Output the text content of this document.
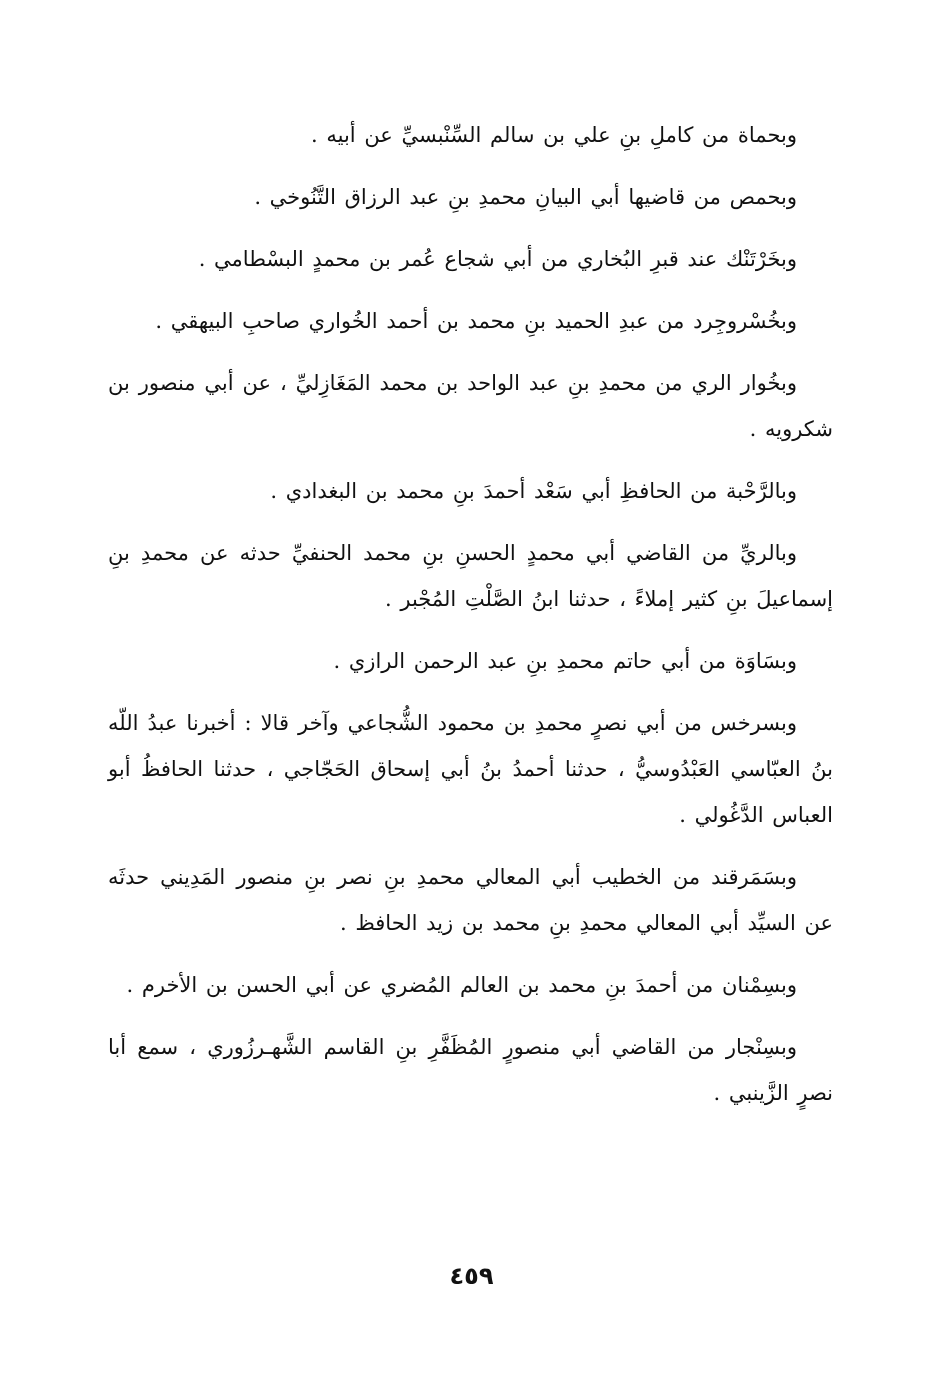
وبحماة من كاملِ بنِ علي بن سالم السِّنْبسيِّ عن أبيه .

وبحمص من قاضيها أبي البيانِ محمدِ بنِ عبد الرزاق التَّنُوخي .

وبخَرْتَنْك عند قبرِ البُخاري من أبي شجاع عُمر بن محمدٍ البسْطامي .

وبخُسْروجِرد من عبدِ الحميد بنِ محمد بن أحمد الخُواري صاحبِ البيهقي .

وبخُوار الري من محمدِ بنِ عبد الواحد بن محمد المَغَازِليِّ ، عن أبي منصور بن شكرويه .

وبالرَّحْبة من الحافظِ أبي سَعْد أحمدَ بنِ محمد بن البغدادي .

وبالريِّ من القاضي أبي محمدٍ الحسنِ بنِ محمد الحنفيِّ حدثه عن محمدِ بنِ إسماعيلَ بنِ كثير إملاءً ، حدثنا ابنُ الصَّلْتِ المُجْبر .

وبسَاوَة من أبي حاتم محمدِ بنِ عبد الرحمن الرازي .

وبسرخس من أبي نصرٍ محمدِ بن محمود الشُّجاعي وآخر قالا : أخبرنا عبدُ اللّه بنُ العبّاسي العَبْدُوسيُّ ، حدثنا أحمدُ بنُ أبي إسحاق الحَجّاجي ، حدثنا الحافظُ أبو العباس الدَّغُولي .

وبسَمَرقند من الخطيب أبي المعالي محمدِ بنِ نصر بنِ منصور المَدِيني حدثَه عن السيِّد أبي المعالي محمدِ بنِ محمد بن زيد الحافظ .

وبسِمْنان من أحمدَ بنِ محمد بن العالم المُضري عن أبي الحسن بن الأخرم .

وبسِنْجار من القاضي أبي منصورٍ المُظَفَّرِ بنِ القاسم الشَّهـرزُوري ، سمع أبا نصرٍ الزَّينبي .

٤٥٩
